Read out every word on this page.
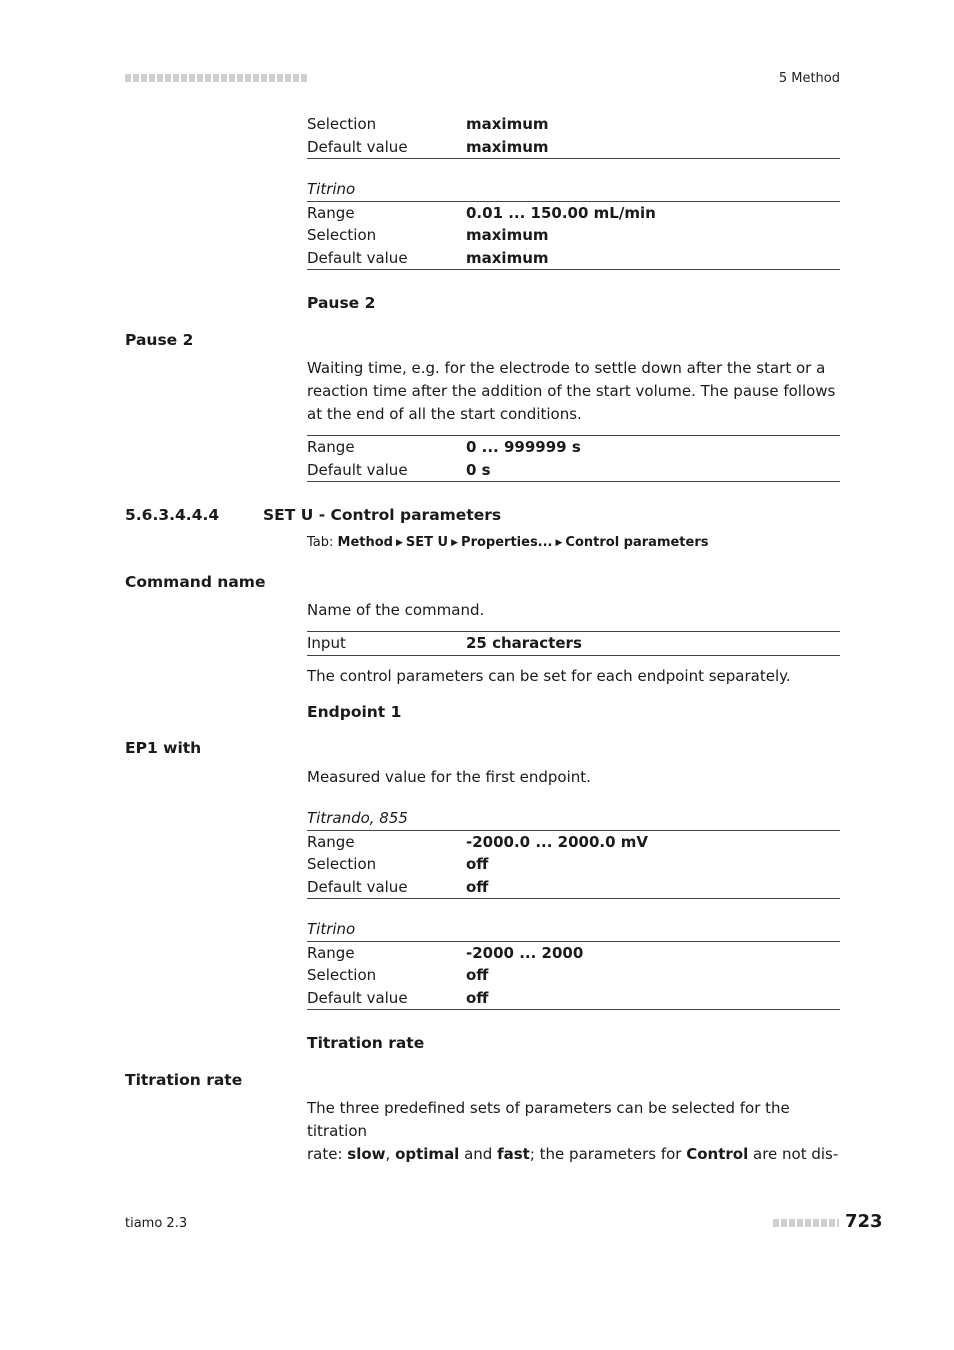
5 Method
Selection	maximum
Default value	maximum
Titrino
Range	0.01 ... 150.00 mL/min
Selection	maximum
Default value	maximum
Pause 2
Pause 2
Waiting time, e.g. for the electrode to settle down after the start or a reaction time after the addition of the start volume. The pause follows at the end of all the start conditions.
Range	0 ... 999999 s
Default value	0 s
5.6.3.4.4.4	SET U - Control parameters
Tab: Method ▶ SET U ▶ Properties... ▶ Control parameters
Command name
Name of the command.
Input	25 characters
The control parameters can be set for each endpoint separately.
Endpoint 1
EP1 with
Measured value for the first endpoint.
Titrando, 855
Range	-2000.0 ... 2000.0 mV
Selection	off
Default value	off
Titrino
Range	-2000 ... 2000
Selection	off
Default value	off
Titration rate
Titration rate
The three predefined sets of parameters can be selected for the titration
rate: slow, optimal and fast; the parameters for Control are not dis-
tiamo 2.3	723
